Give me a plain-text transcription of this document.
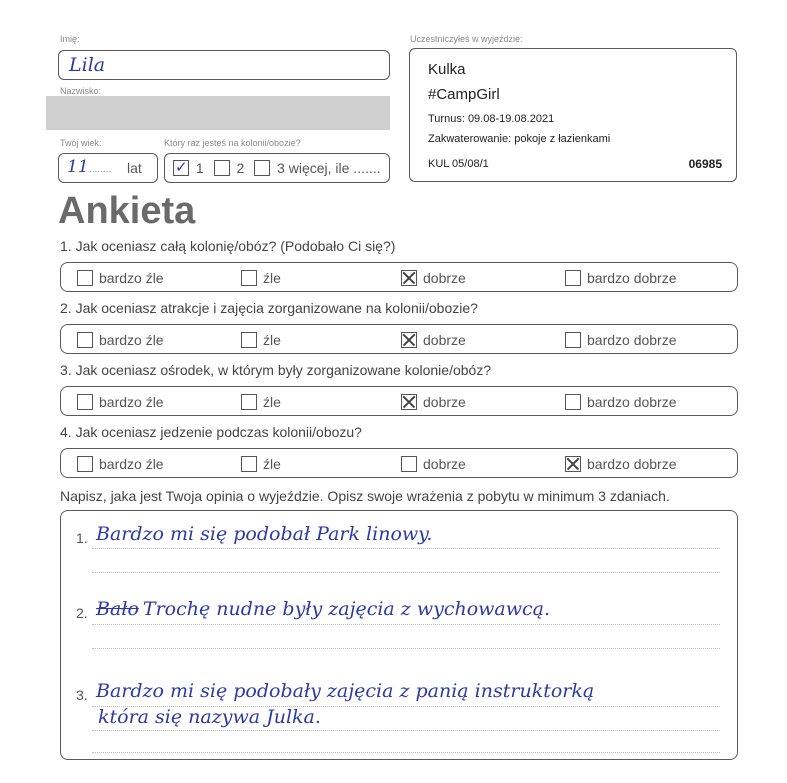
Imię:
Lila
Nazwisko:
Twój wiek:	Który raz jesteś na kolonii/obozie?
11 ........ lat
✓	1 2 3 więcej, ile .......
Uczestniczyłeś w wyjeździe:
Kulka
#CampGirl
Turnus: 09.08-19.08.2021
Zakwaterowanie: pokoje z łazienkami
KUL 05/08/1	06985
Ankieta
1. Jak oceniasz całą kolonię/obóz? (Podobało Ci się?)
bardzo źle	źle	dobrze	bardzo dobrze
2. Jak oceniasz atrakcje i zajęcia zorganizowane na kolonii/obozie?
bardzo źle	źle	dobrze	bardzo dobrze
3. Jak oceniasz ośrodek, w którym były zorganizowane kolonie/obóz?
bardzo źle	źle	dobrze	bardzo dobrze
4. Jak oceniasz jedzenie podczas kolonii/obozu?
bardzo źle	źle	dobrze	bardzo dobrze
Napisz, jaka jest Twoja opinia o wyjeździe. Opisz swoje wrażenia z pobytu w minimum 3 zdaniach.
1. Bardzo mi się podobał Park linowy.
2. Bało Trochę nudne były zajęcia z wychowawcą.
3. Bardzo mi się podobały zajęcia z panią instruktorką
która się nazywa Julka.
